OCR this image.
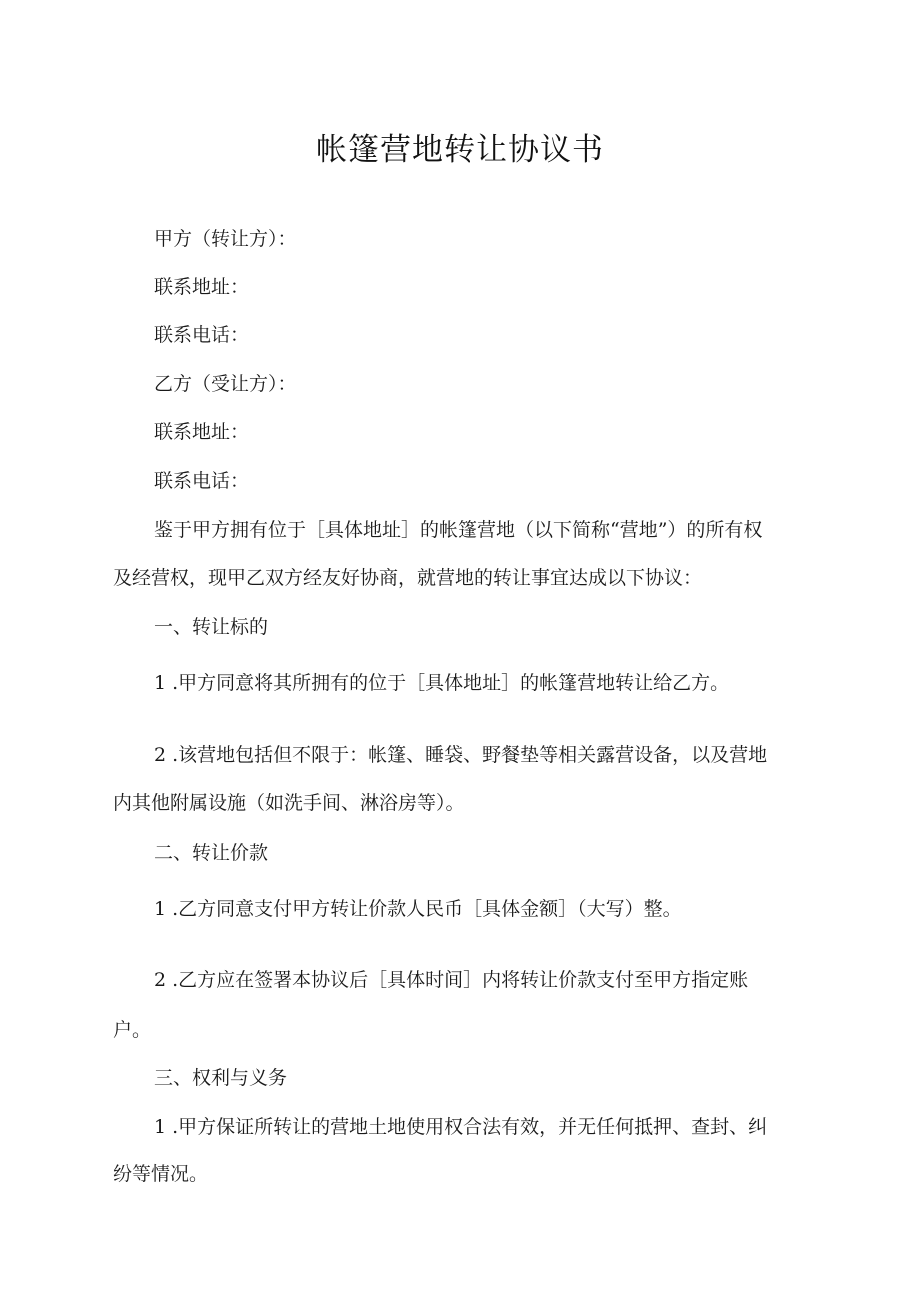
帐篷营地转让协议书
甲方（转让方）：
联系地址：
联系电话：
乙方（受让方）：
联系地址：
联系电话：
鉴于甲方拥有位于［具体地址］的帐篷营地（以下简称“营地”）的所有权
及经营权，现甲乙双方经友好协商，就营地的转让事宜达成以下协议：
一、转让标的
1 .甲方同意将其所拥有的位于［具体地址］的帐篷营地转让给乙方。
2 .该营地包括但不限于：帐篷、睡袋、野餐垫等相关露营设备，以及营地
内其他附属设施（如洗手间、淋浴房等）。
二、转让价款
1 .乙方同意支付甲方转让价款人民币［具体金额］（大写）整。
2 .乙方应在签署本协议后［具体时间］内将转让价款支付至甲方指定账
户。
三、权利与义务
1 .甲方保证所转让的营地土地使用权合法有效，并无任何抵押、查封、纠
纷等情况。
